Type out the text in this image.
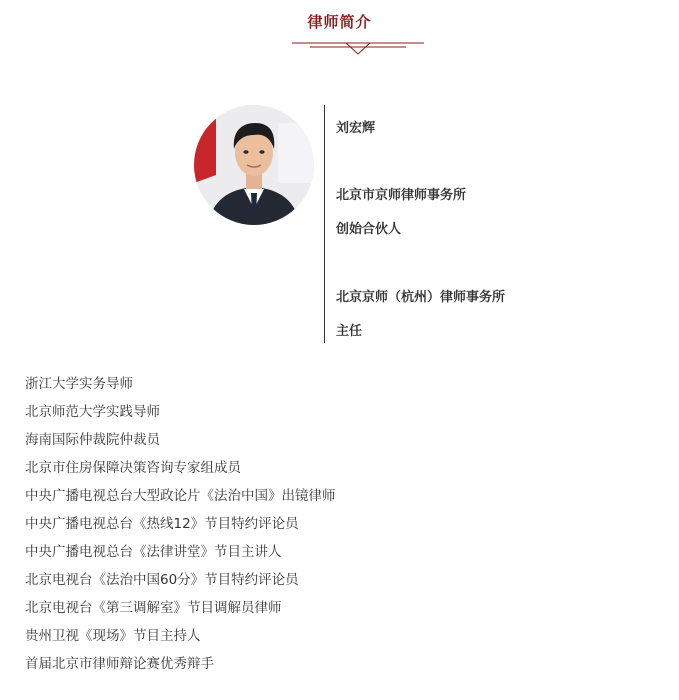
律师简介
刘宏辉
北京市京师律师事务所
创始合伙人
北京京师（杭州）律师事务所
主任
浙江大学实务导师
北京师范大学实践导师
海南国际仲裁院仲裁员
北京市住房保障决策咨询专家组成员
中央广播电视总台大型政论片《法治中国》出镜律师
中央广播电视总台《热线12》节目特约评论员
中央广播电视总台《法律讲堂》节目主讲人
北京电视台《法治中国60分》节目特约评论员
北京电视台《第三调解室》节目调解员律师
贵州卫视《现场》节目主持人
首届北京市律师辩论赛优秀辩手
